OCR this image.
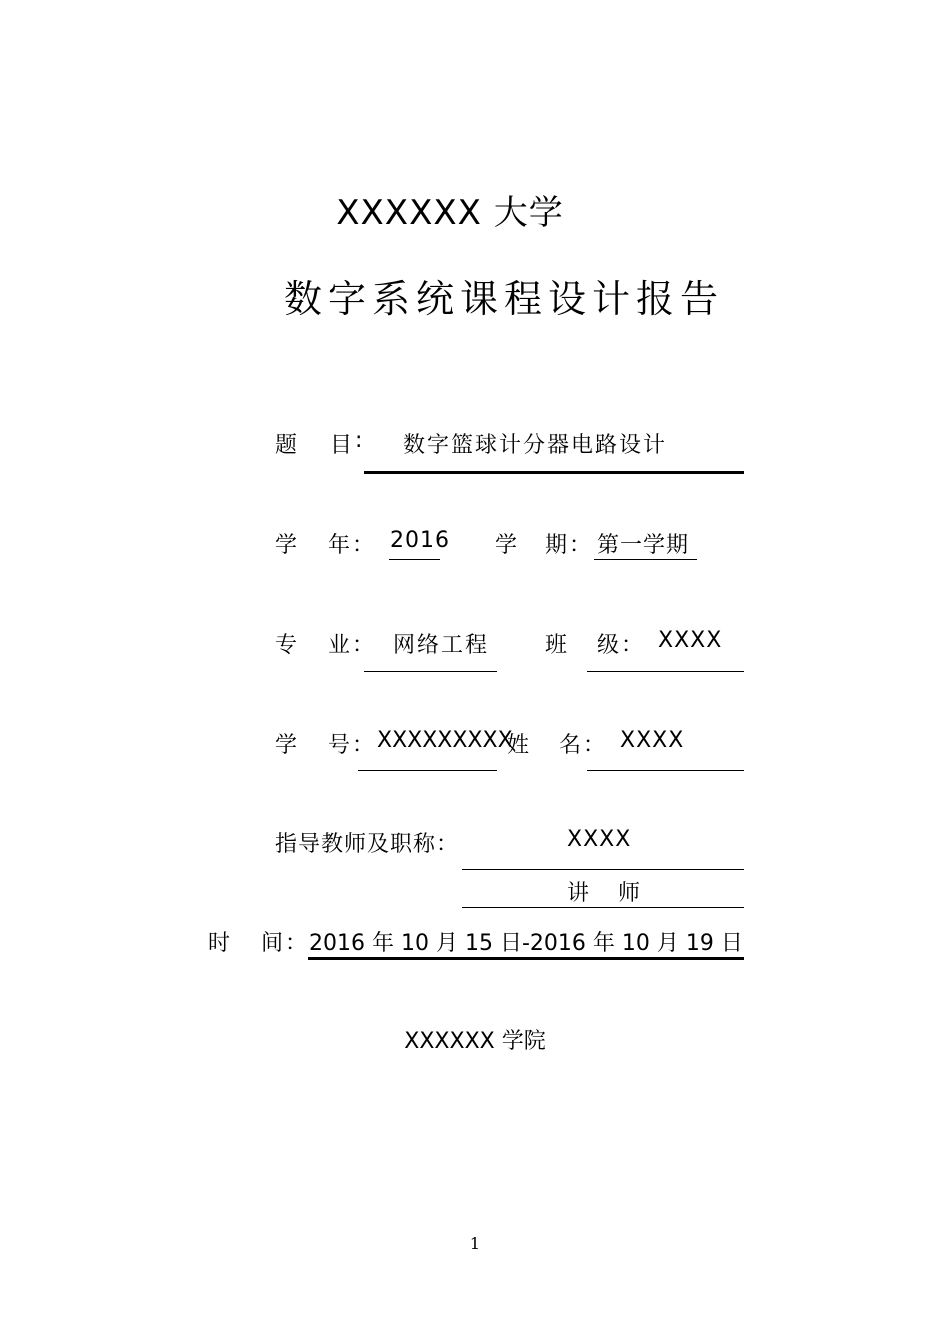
XXXXXX 大学
数字系统课程设计报告
题 目 : 数字篮球计分器电路设计
学 年 ： 2016 学 期 ： 第一学期
专 业 ： 网络工程	班 级 ： XXXX
学 号 ： XXXXXXXXX
姓 名 ： XXXX
指导教师及职称：	XXXX
讲 师
时 间 ： 2016 年 10 月 15 日-2016 年 10 月 19 日
XXXXXX 学院
1
